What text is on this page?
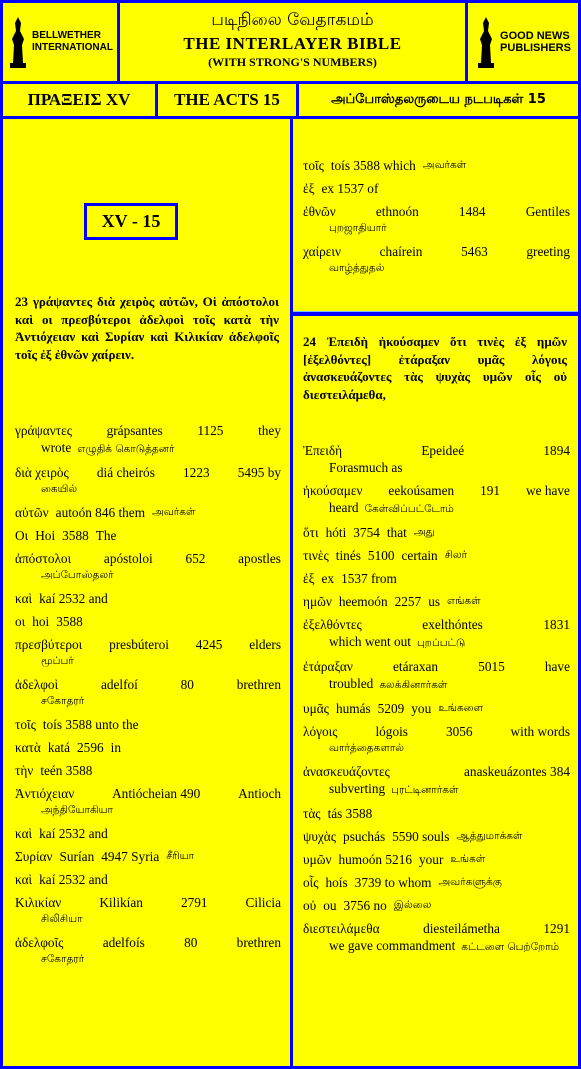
BELLWETHER
INTERNATIONAL
படிநிலை வேதாகமம்
THE INTERLAYER BIBLE
(WITH STRONG'S NUMBERS)
GOOD NEWS
PUBLISHERS
ΠΡΑΞΕΙΣ XV	THE ACTS 15	அப்போஸ்தலருடைய நடபடிகள் 15
XV - 15
23 γράψαντες διὰ χειρὸς αὐτῶν, Οἱ ἀπόστολοι καὶ οι πρεσβύτεροι ἀδελφοὶ τοῖς κατὰ τὴν Ἀντιόχειαν καὶ Συρίαν καὶ Κιλικίαν ἀδελφοῖς τοῖς ἐξ ἐθνῶν χαίρειν.
24 Ἐπειδὴ ἠκούσαμεν ὅτι τινὲς ἐξ ημῶν [ἐξελθόντες] ἐτάραξαν υμᾶς λόγοις ἀνασκευάζοντες τὰς ψυχὰς υμῶν οἷς οὐ διεστειλάμεθα,
γράψαντες	grápsantes	1125	they
wrote எழுதிக் கொடுத்தனர்
διὰ χειρὸς diá cheirós 1223 5495 by
கையில்
αὐτῶν autoón 846 them அவர்கள்
Οι Hoi 3588 The
ἀπόστολοι apóstoloi 652 apostles
அப்போஸ்தலர்
καὶ kaí 2532 and
οι hoi 3588
πρεσβύτεροι presbúteroi 4245 elders
மூப்பர்
ἀδελφοὶ	adelfoí	80	brethren
சகோதரர்
τοῖς toís 3588 unto the
κατὰ katá 2596 in
τὴν teén 3588
Ἀντιόχειαν	Antiócheian 490	Antioch
அந்தியோகியா
καὶ kaí 2532 and
Συρίαν Surían 4947 Syria சீரியா
καὶ kaí 2532 and
Κιλικίαν	Kilikían	2791	Cilicia
சிலிசியா
ἀδελφοῖς	adelfoís	80	brethren
சகோதரர்
τοῖς toís 3588 which அவர்கள்
ἐξ ex 1537 of
ἐθνῶν	ethnoón	1484	Gentiles
புறஜாதியார்
χαίρειν	chaírein	5463	greeting
வாழ்த்துதல்
Ἐπειδὴ	Epeideé	1894
Forasmuch as
ἠκούσαμεν eekoúsamen 191 we have
heard கேள்விப்பட்டோம்
ὅτι hóti 3754 that அது
τινὲς tinés 5100 certain சிலர்
ἐξ ex 1537 from
ημῶν heemoón 2257 us எங்கள்
ἐξελθόντες	exelthóntes	1831
which went out புறப்பட்டு
ἐτάραξαν	etáraxan	5015	have
troubled கலக்கினார்கள்
υμᾶς humás 5209 you உங்களை
λόγοις	lógois	3056	with words
வார்த்தைகளால்
ἀνασκευάζοντες	anaskeuázontes 384
subverting புரட்டினார்கள்
τὰς tás 3588
ψυχὰς psuchás 5590 souls ஆத்துமாக்கள்
υμῶν humoón 5216 your உங்கள்
οἷς hoís 3739 to whom அவர்களுக்கு
οὐ ou 3756 no இல்லை
διεστειλάμεθα	diesteilámetha	1291
we gave commandment கட்டளை பெற்றோம்
